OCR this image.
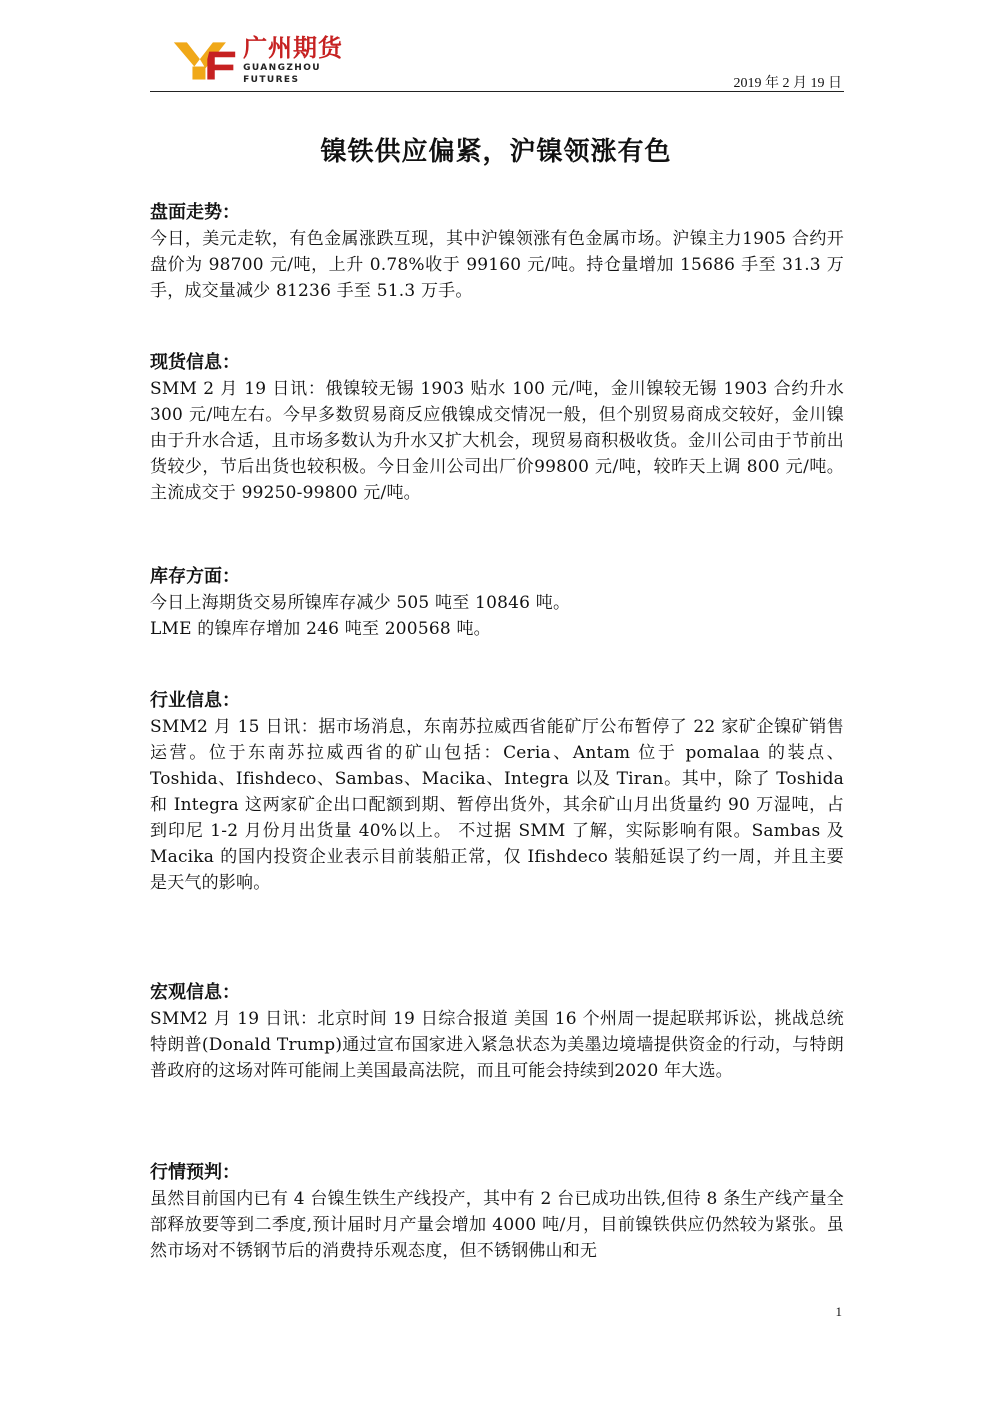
广州期货
GUANGZHOU FUTURES	2019 年 2 月 19 日
镍铁供应偏紧，沪镍领涨有色
盘面走势：

今日，美元走软，有色金属涨跌互现，其中沪镍领涨有色金属市场。沪镍主力1905 合约开盘价为 98700 元/吨，上升 0.78%收于 99160 元/吨。持仓量增加 15686 手至 31.3 万手，成交量减少 81236 手至 51.3 万手。

现货信息：

SMM 2 月 19 日讯：俄镍较无锡 1903 贴水 100 元/吨，金川镍较无锡 1903 合约升水 300 元/吨左右。今早多数贸易商反应俄镍成交情况一般，但个别贸易商成交较好，金川镍由于升水合适，且市场多数认为升水又扩大机会，现贸易商积极收货。金川公司由于节前出货较少，节后出货也较积极。今日金川公司出厂价99800 元/吨，较昨天上调 800 元/吨。主流成交于 99250-99800 元/吨。

库存方面：

今日上海期货交易所镍库存减少 505 吨至 10846 吨。

LME 的镍库存增加 246 吨至 200568 吨。

行业信息：

SMM2 月 15 日讯：据市场消息，东南苏拉威西省能矿厅公布暂停了 22 家矿企镍矿销售运营。位于东南苏拉威西省的矿山包括：Ceria、Antam 位于 pomalaa 的装点、Toshida、Ifishdeco、Sambas、Macika、Integra 以及 Tiran。其中，除了 Toshida 和 Integra 这两家矿企出口配额到期、暂停出货外，其余矿山月出货量约 90 万湿吨，占到印尼 1-2 月份月出货量 40%以上。 不过据 SMM 了解，实际影响有限。Sambas 及 Macika 的国内投资企业表示目前装船正常，仅 Ifishdeco 装船延误了约一周，并且主要是天气的影响。

宏观信息：

SMM2 月 19 日讯：北京时间 19 日综合报道 美国 16 个州周一提起联邦诉讼，挑战总统特朗普(Donald Trump)通过宣布国家进入紧急状态为美墨边境墙提供资金的行动，与特朗普政府的这场对阵可能闹上美国最高法院，而且可能会持续到2020 年大选。

行情预判：

虽然目前国内已有 4 台镍生铁生产线投产，其中有 2 台已成功出铁,但待 8 条生产线产量全部释放要等到二季度,预计届时月产量会增加 4000 吨/月，目前镍铁供应仍然较为紧张。虽然市场对不锈钢节后的消费持乐观态度，但不锈钢佛山和无

1
